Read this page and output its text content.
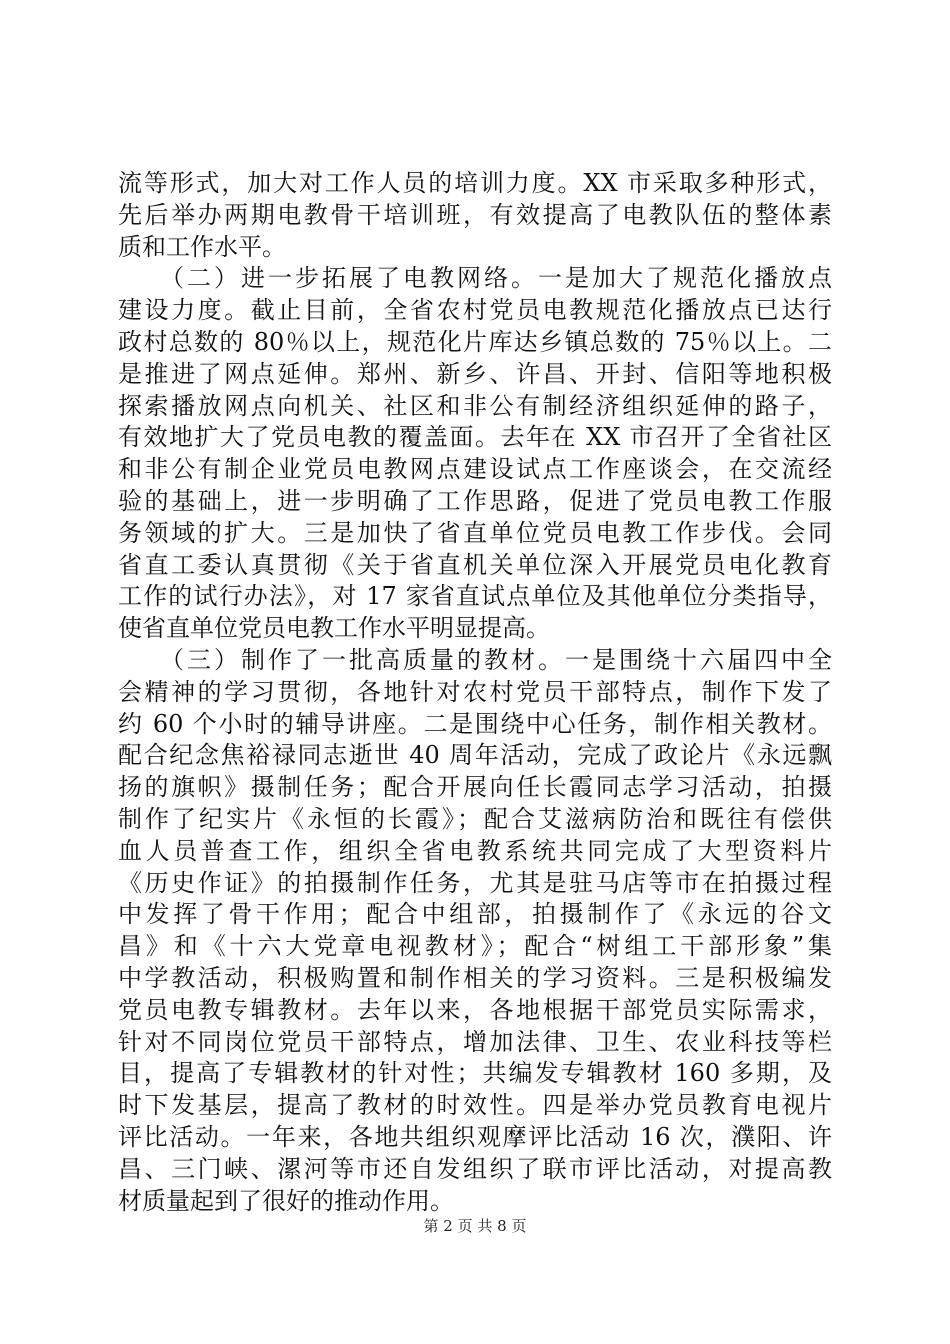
流等形式，加大对工作人员的培训力度。XX 市采取多种形式，
先后举办两期电教骨干培训班，有效提高了电教队伍的整体素
质和工作水平。
　　（二）进一步拓展了电教网络。一是加大了规范化播放点
建设力度。截止目前，全省农村党员电教规范化播放点已达行
政村总数的 80％以上，规范化片库达乡镇总数的 75％以上。二
是推进了网点延伸。郑州、新乡、许昌、开封、信阳等地积极
探索播放网点向机关、社区和非公有制经济组织延伸的路子，
有效地扩大了党员电教的覆盖面。去年在 XX 市召开了全省社区
和非公有制企业党员电教网点建设试点工作座谈会，在交流经
验的基础上，进一步明确了工作思路，促进了党员电教工作服
务领域的扩大。三是加快了省直单位党员电教工作步伐。会同
省直工委认真贯彻《关于省直机关单位深入开展党员电化教育
工作的试行办法》，对 17 家省直试点单位及其他单位分类指导，
使省直单位党员电教工作水平明显提高。
　　（三）制作了一批高质量的教材。一是围绕十六届四中全
会精神的学习贯彻，各地针对农村党员干部特点，制作下发了
约 60 个小时的辅导讲座。二是围绕中心任务，制作相关教材。
配合纪念焦裕禄同志逝世 40 周年活动，完成了政论片《永远飘
扬的旗帜》摄制任务；配合开展向任长霞同志学习活动，拍摄
制作了纪实片《永恒的长霞》；配合艾滋病防治和既往有偿供
血人员普查工作，组织全省电教系统共同完成了大型资料片
《历史作证》的拍摄制作任务，尤其是驻马店等市在拍摄过程
中发挥了骨干作用；配合中组部，拍摄制作了《永远的谷文
昌》和《十六大党章电视教材》；配合“树组工干部形象”集
中学教活动，积极购置和制作相关的学习资料。三是积极编发
党员电教专辑教材。去年以来，各地根据干部党员实际需求，
针对不同岗位党员干部特点，增加法律、卫生、农业科技等栏
目，提高了专辑教材的针对性；共编发专辑教材 160 多期，及
时下发基层，提高了教材的时效性。四是举办党员教育电视片
评比活动。一年来，各地共组织观摩评比活动 16 次，濮阳、许
昌、三门峡、漯河等市还自发组织了联市评比活动，对提高教
材质量起到了很好的推动作用。
第 2 页 共 8 页
